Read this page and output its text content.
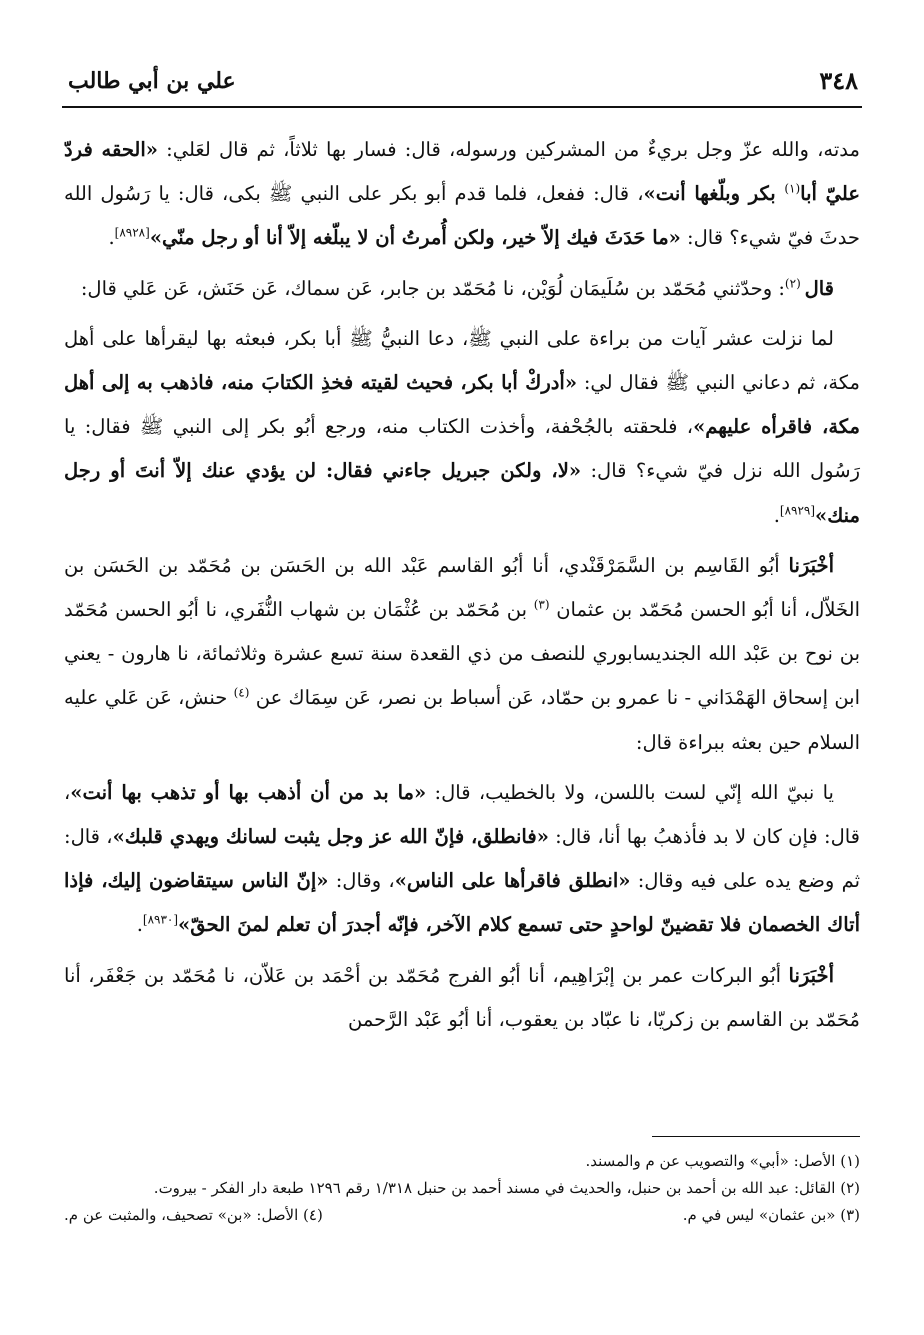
٣٤٨
علي بن أبي طالب

مدته، والله عزّ وجل بريءٌ من المشركين ورسوله، قال: فسار بها ثلاثاً، ثم قال لعَلي: «الحقه فردّ عليّ أبا$^{(١)}$ بكر وبلّغها أنت»، قال: ففعل، فلما قدم أبو بكر على النبي ﷺ بكى، قال: يا رَسُول الله حدثَ فيّ شيء؟ قال: «ما حَدَثَ فيك إلاّ خير، ولكن أُمرتُ أن لا يبلّغه إلاّ أنا أو رجل منّي»[٨٩٢٨].

قال $^{(٢)}$: وحدّثني مُحَمّد بن سُلَيمَان لُوَيْن، نا مُحَمّد بن جابر، عَن سماك، عَن حَنَش، عَن عَلي قال:

لما نزلت عشر آيات من براءة على النبي ﷺ، دعا النبيُّ ﷺ أبا بكر، فبعثه بها ليقرأها على أهل مكة، ثم دعاني النبي ﷺ فقال لي: «أدركْ أبا بكر، فحيث لقيته فخذِ الكتابَ منه، فاذهب به إلى أهل مكة، فاقرأه عليهم»، فلحقته بالجُحْفة، وأخذت الكتاب منه، ورجع أبُو بكر إلى النبي ﷺ فقال: يا رَسُول الله نزل فيّ شيء؟ قال: «لا، ولكن جبريل جاءني فقال: لن يؤدي عنك إلاّ أنتَ أو رجل منك»[٨٩٢٩].

أخْبَرَنا أبُو القَاسِم بن السَّمَرْقَنْدي، أنا أبُو القاسم عَبْد الله بن الحَسَن بن مُحَمّد بن الحَسَن بن الخَلاّل، أنا أبُو الحسن مُحَمّد بن عثمان $^{(٣)}$ بن مُحَمّد بن عُثْمَان بن شهاب النُّفَري، نا أبُو الحسن مُحَمّد بن نوح بن عَبْد الله الجنديسابوري للنصف من ذي القعدة سنة تسع عشرة وثلاثمائة، نا هارون - يعني ابن إسحاق الهَمْدَاني - نا عمرو بن حمّاد، عَن أسباط بن نصر، عَن سِمَاك عن $^{(٤)}$ حنش، عَن عَلي عليه السلام حين بعثه ببراءة قال:

يا نبيّ الله إنّي لست باللسن، ولا بالخطيب، قال: «ما بد من أن أذهب بها أو تذهب بها أنت»، قال: فإن كان لا بد فأذهبُ بها أنا، قال: «فانطلق، فإنّ الله عز وجل يثبت لسانك ويهدي قلبك»، قال: ثم وضع يده على فيه وقال: «انطلق فاقرأها على الناس»، وقال: «إنّ الناس سيتقاضون إليك، فإذا أتاك الخصمان فلا تقضينّ لواحدٍ حتى تسمع كلام الآخر، فإنّه أجدرَ أن تعلم لمنَ الحقّ»[٨٩٣٠].

أخْبَرَنا أبُو البركات عمر بن إبْرَاهِيم، أنا أبُو الفرج مُحَمّد بن أحْمَد بن عَلاّن، نا مُحَمّد بن جَعْفَر، أنا مُحَمّد بن القاسم بن زكريّا، نا عبّاد بن يعقوب، أنا أبُو عَبْد الرَّحمن

(١) الأصل: «أبي» والتصويب عن م والمسند.

(٢) القائل: عبد الله بن أحمد بن حنبل، والحديث في مسند أحمد بن حنبل ١/٣١٨ رقم ١٢٩٦ طبعة دار الفكر - بيروت.

(٣) «بن عثمان» ليس في م.
(٤) الأصل: «بن» تصحيف، والمثبت عن م.
